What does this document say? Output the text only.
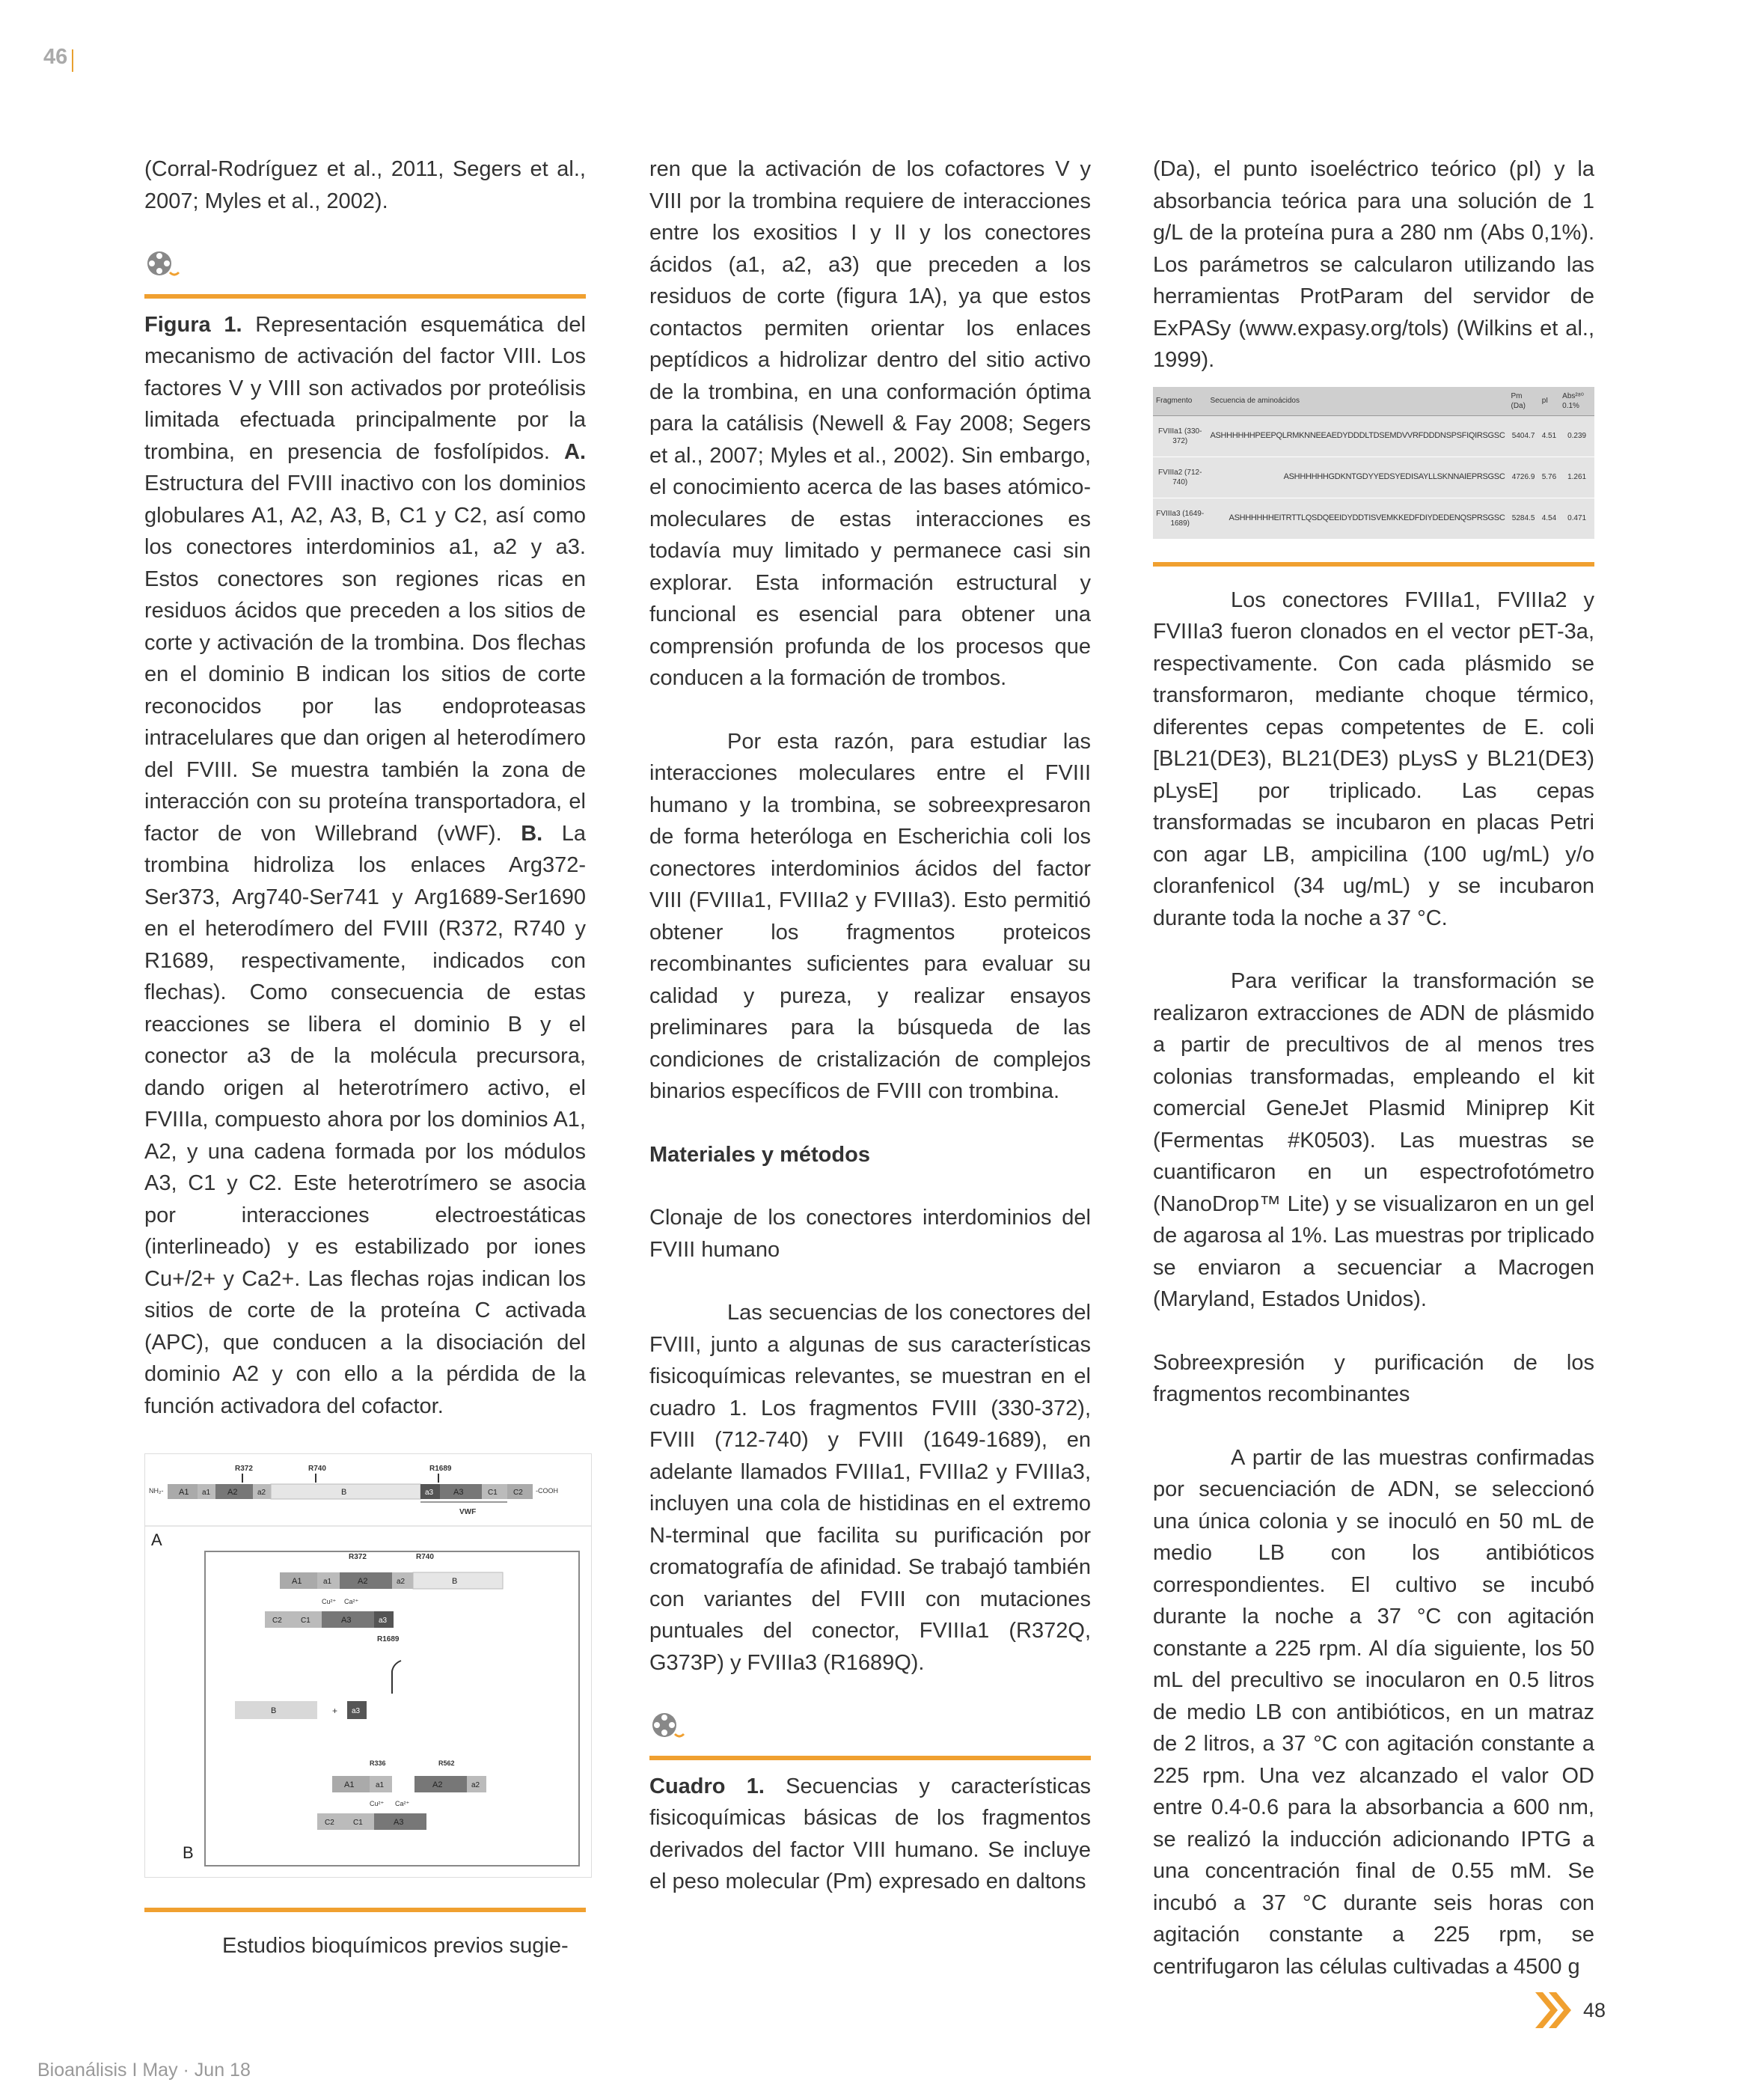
46

(Corral-Rodríguez et al., 2011, Segers et al., 2007; Myles et al., 2002).

Figura 1. Representación esquemática del mecanismo de activación del factor VIII. Los factores V y VIII son activados por proteólisis limitada efectuada principalmente por la trombina, en presencia de fosfolípidos. A. Estructura del FVIII inactivo con los dominios globulares A1, A2, A3, B, C1 y C2, así como los conectores interdominios a1, a2 y a3. Estos conectores son regiones ricas en residuos ácidos que preceden a los sitios de corte y activación de la trombina. Dos flechas en el dominio B indican los sitios de corte reconocidos por las endoproteasas intracelulares que dan origen al heterodímero del FVIII. Se muestra también la zona de interacción con su proteína transportadora, el factor de von Willebrand (vWF). B. La trombina hidroliza los enlaces Arg372-Ser373, Arg740-Ser741 y Arg1689-Ser1690 en el heterodímero del FVIII (R372, R740 y R1689, respectivamente, indicados con flechas). Como consecuencia de estas reacciones se libera el dominio B y el conector a3 de la molécula precursora, dando origen al heterotrímero activo, el FVIIIa, compuesto ahora por los dominios A1, A2, y una cadena formada por los módulos A3, C1 y C2. Este heterotrímero se asocia por interacciones electroestáticas (interlineado) y es estabilizado por iones Cu+/2+ y Ca2+. Las flechas rojas indican los sitios de corte de la proteína C activada (APC), que conducen a la disociación del dominio A2 y con ello a la pérdida de la función activadora del cofactor.

R372	R740	R1689
NH₂- A1 a1 A2	a2	B	a3 A3	C1 C2 -COOH
VWF
A
R372	R740
A1	a1	A2	a2	B
Cu²⁺ Ca²⁺
C2	C1	A3	a3
R1689
B	+ a3
R336	R562
A1	a1	A2	a2
Cu²⁺ Ca²⁺
C2	C1	A3
B

Estudios bioquímicos previos sugie-

ren que la activación de los cofactores V y VIII por la trombina requiere de interacciones entre los exositios I y II y los conectores ácidos (a1, a2, a3) que preceden a los residuos de corte (figura 1A), ya que estos contactos permiten orientar los enlaces peptídicos a hidrolizar dentro del sitio activo de la trombina, en una conformación óptima para la catálisis (Newell & Fay 2008; Segers et al., 2007; Myles et al., 2002). Sin embargo, el conocimiento acerca de las bases atómico-moleculares de estas interacciones es todavía muy limitado y permanece casi sin explorar. Esta información estructural y funcional es esencial para obtener una comprensión profunda de los procesos que conducen a la formación de trombos.

Por esta razón, para estudiar las interacciones moleculares entre el FVIII humano y la trombina, se sobreexpresaron de forma heteróloga en Escherichia coli los conectores interdominios ácidos del factor VIII (FVIIIa1, FVIIIa2 y FVIIIa3). Esto permitió obtener los fragmentos proteicos recombinantes suficientes para evaluar su calidad y pureza, y realizar ensayos preliminares para la búsqueda de las condiciones de cristalización de complejos binarios específicos de FVIII con trombina.

Materiales y métodos

Clonaje de los conectores interdominios del FVIII humano

Las secuencias de los conectores del FVIII, junto a algunas de sus características fisicoquímicas relevantes, se muestran en el cuadro 1. Los fragmentos FVIII (330-372), FVIII (712-740) y FVIII (1649-1689), en adelante llamados FVIIIa1, FVIIIa2 y FVIIIa3, incluyen una cola de histidinas en el extremo N-terminal que facilita su purificación por cromatografía de afinidad. Se trabajó también con variantes del FVIII con mutaciones puntuales del conector, FVIIIa1 (R372Q, G373P) y FVIIIa3 (R1689Q).

Cuadro 1. Secuencias y características fisicoquímicas básicas de los fragmentos derivados del factor VIII humano. Se incluye el peso molecular (Pm) expresado en daltons

(Da), el punto isoeléctrico teórico (pI) y la absorbancia teórica para una solución de 1 g/L de la proteína pura a 280 nm (Abs 0,1%). Los parámetros se calcularon utilizando las herramientas ProtParam del servidor de ExPASy (www.expasy.org/tols) (Wilkins et al., 1999).

Fragmento	Secuencia de aminoácidos	Pm (Da)	pI	Abs²⁸⁰ 0.1%
FVIIIa1 (330-372)	ASHHHHHHPEEPQLRMKNNEEAEDYDDDLTDSEMDVVRFDDDNSPSFIQIRSGSC	5404.7	4.51	0.239
FVIIIa2 (712-740)	ASHHHHHHGDKNTGDYYEDSYEDISAYLLSKNNAIEPRSGSC	4726.9	5.76	1.261
FVIIIa3 (1649-1689)	ASHHHHHHEITRTTLQSDQEEIDYDDTISVEMKKEDFDIYDEDENQSPRSGSC	5284.5	4.54	0.471

Los conectores FVIIIa1, FVIIIa2 y FVIIIa3 fueron clonados en el vector pET-3a, respectivamente. Con cada plásmido se transformaron, mediante choque térmico, diferentes cepas competentes de E. coli [BL21(DE3), BL21(DE3) pLysS y BL21(DE3) pLysE] por triplicado. Las cepas transformadas se incubaron en placas Petri con agar LB, ampicilina (100 ug/mL) y/o cloranfenicol (34 ug/mL) y se incubaron durante toda la noche a 37 °C.

Para verificar la transformación se realizaron extracciones de ADN de plásmido a partir de precultivos de al menos tres colonias transformadas, empleando el kit comercial GeneJet Plasmid Miniprep Kit (Fermentas #K0503). Las muestras se cuantificaron en un espectrofotómetro (NanoDrop™ Lite) y se visualizaron en un gel de agarosa al 1%. Las muestras por triplicado se enviaron a secuenciar a Macrogen (Maryland, Estados Unidos).

Sobreexpresión y purificación de los fragmentos recombinantes

A partir de las muestras confirmadas por secuenciación de ADN, se seleccionó una única colonia y se inoculó en 50 mL de medio LB con los antibióticos correspondientes. El cultivo se incubó durante la noche a 37 °C con agitación constante a 225 rpm. Al día siguiente, los 50 mL del precultivo se inocularon en 0.5 litros de medio LB con antibióticos, en un matraz de 2 litros, a 37 °C con agitación constante a 225 rpm. Una vez alcanzado el valor OD entre 0.4-0.6 para la absorbancia a 600 nm, se realizó la inducción adicionando IPTG a una concentración final de 0.55 mM. Se incubó a 37 °C durante seis horas con agitación constante a 225 rpm, se centrifugaron las células cultivadas a 4500 g

48
Bioanálisis I May · Jun 18
